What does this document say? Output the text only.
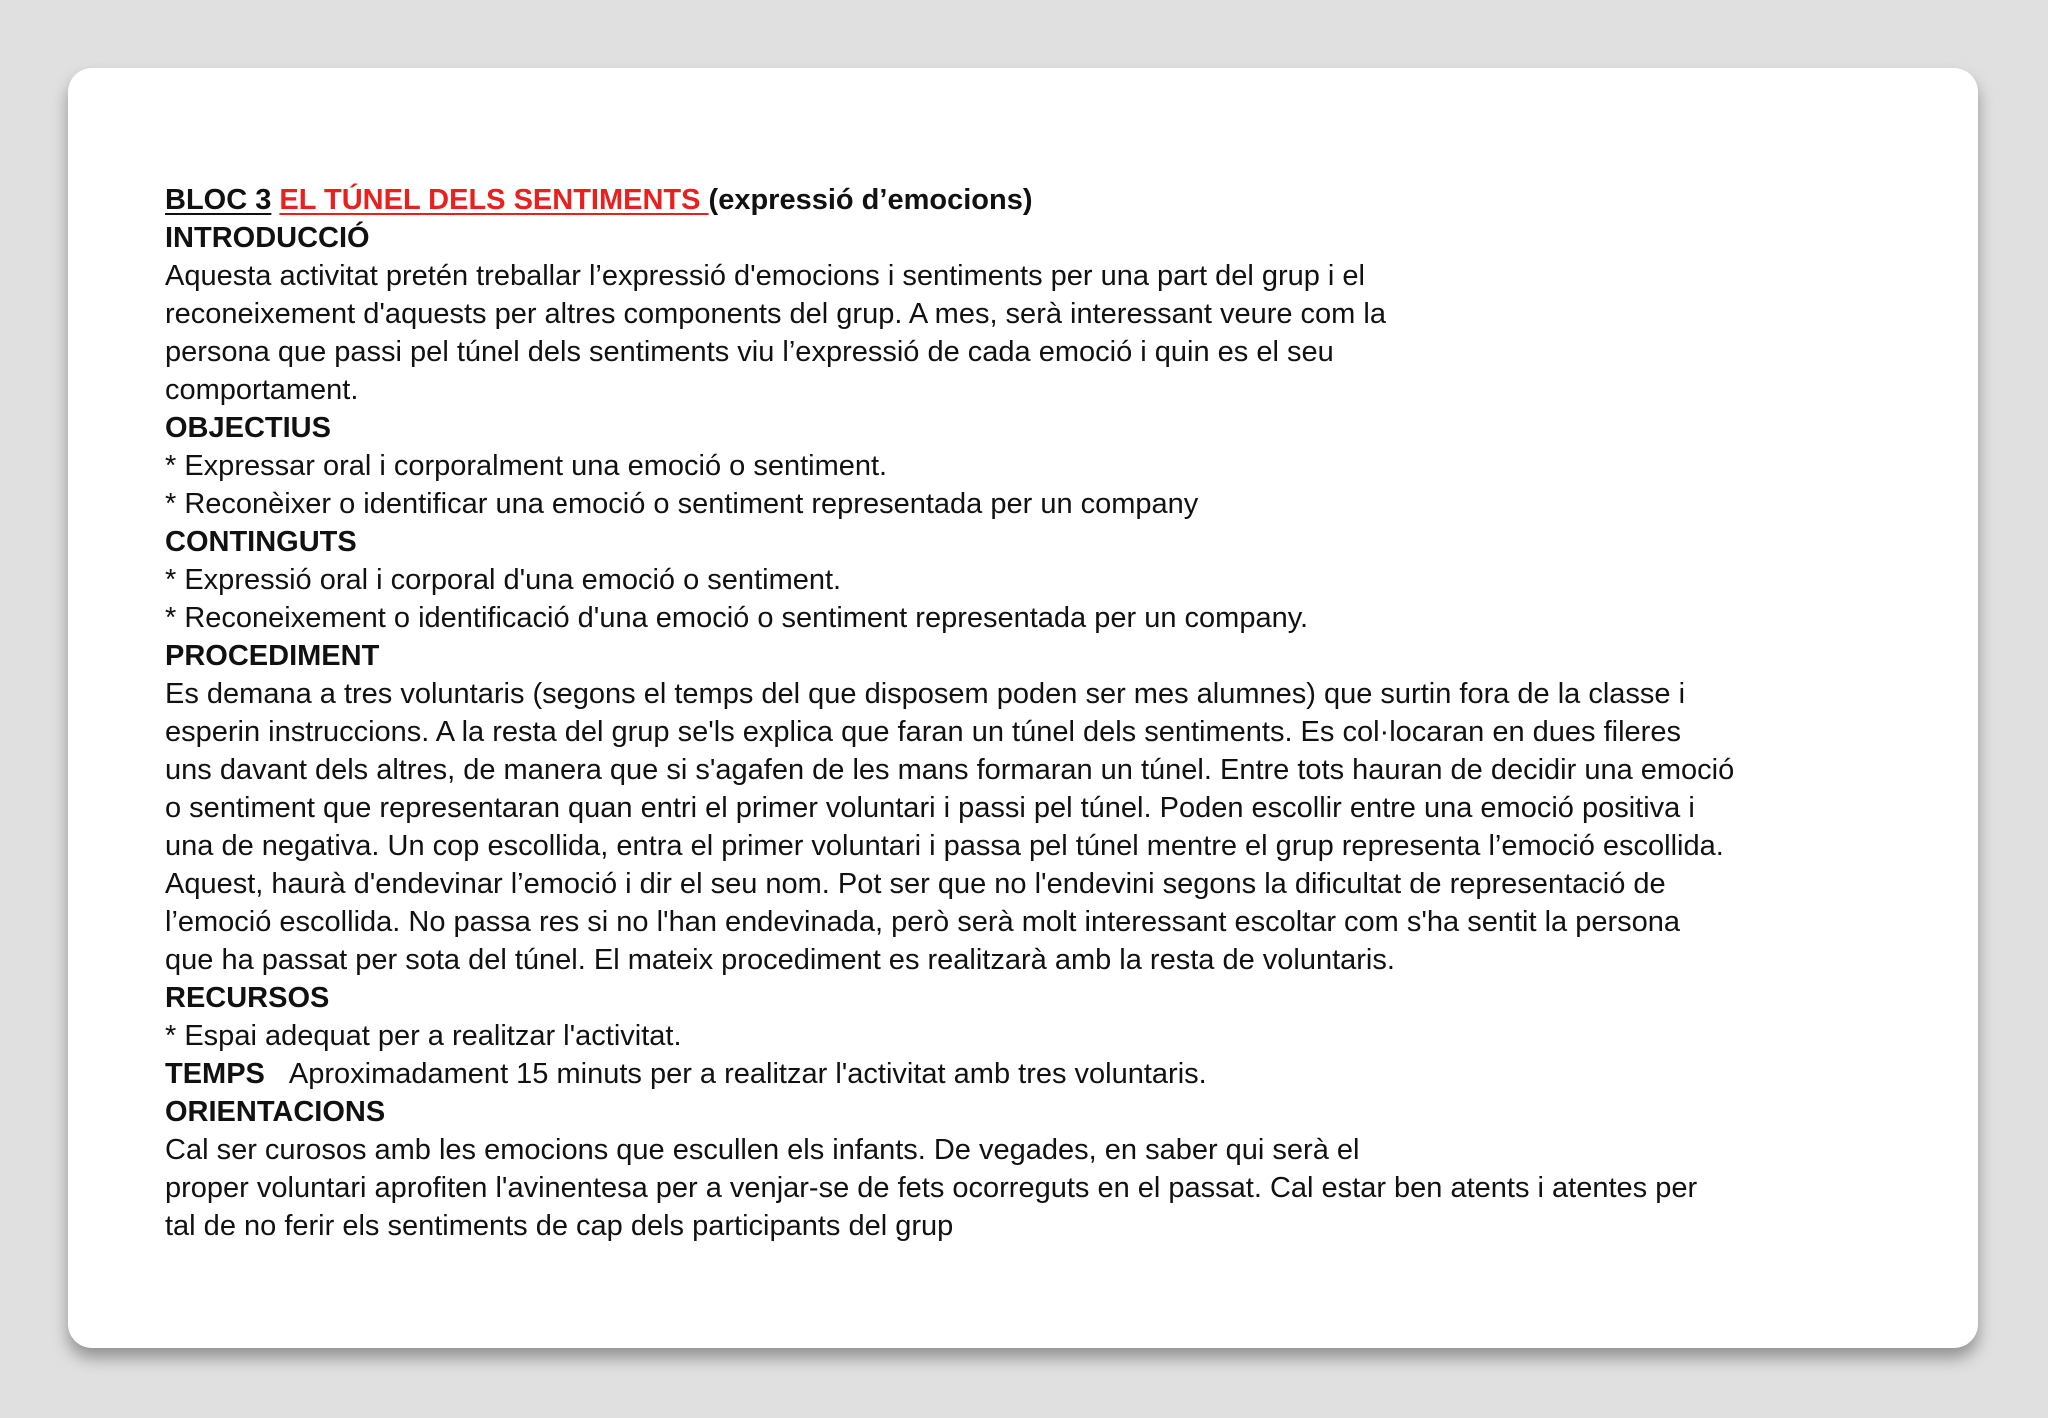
BLOC 3 EL TÚNEL DELS SENTIMENTS (expressió d’emocions)
INTRODUCCIÓ
Aquesta activitat pretén treballar l’expressió d'emocions i sentiments per una part del grup i el
reconeixement d'aquests per altres components del grup. A mes, serà interessant veure com la
persona que passi pel túnel dels sentiments viu l’expressió de cada emoció i quin es el seu
comportament.
OBJECTIUS
* Expressar oral i corporalment una emoció o sentiment.
* Reconèixer o identificar una emoció o sentiment representada per un company
CONTINGUTS
* Expressió oral i corporal d'una emoció o sentiment.
* Reconeixement o identificació d'una emoció o sentiment representada per un company.
PROCEDIMENT
Es demana a tres voluntaris (segons el temps del que disposem poden ser mes alumnes) que surtin fora de la classe i
esperin instruccions. A la resta del grup se'ls explica que faran un túnel dels sentiments. Es col·locaran en dues fileres
uns davant dels altres, de manera que si s'agafen de les mans formaran un túnel. Entre tots hauran de decidir una emoció
o sentiment que representaran quan entri el primer voluntari i passi pel túnel. Poden escollir entre una emoció positiva i
una de negativa. Un cop escollida, entra el primer voluntari i passa pel túnel mentre el grup representa l’emoció escollida.
Aquest, haurà d'endevinar l’emoció i dir el seu nom. Pot ser que no l'endevini segons la dificultat de representació de
l’emoció escollida. No passa res si no l'han endevinada, però serà molt interessant escoltar com s'ha sentit la persona
que ha passat per sota del túnel. El mateix procediment es realitzarà amb la resta de voluntaris.
RECURSOS
* Espai adequat per a realitzar l'activitat.
TEMPS Aproximadament 15 minuts per a realitzar l'activitat amb tres voluntaris.
ORIENTACIONS
Cal ser curosos amb les emocions que escullen els infants. De vegades, en saber qui serà el
proper voluntari aprofiten l'avinentesa per a venjar-se de fets ocorreguts en el passat. Cal estar ben atents i atentes per
tal de no ferir els sentiments de cap dels participants del grup
